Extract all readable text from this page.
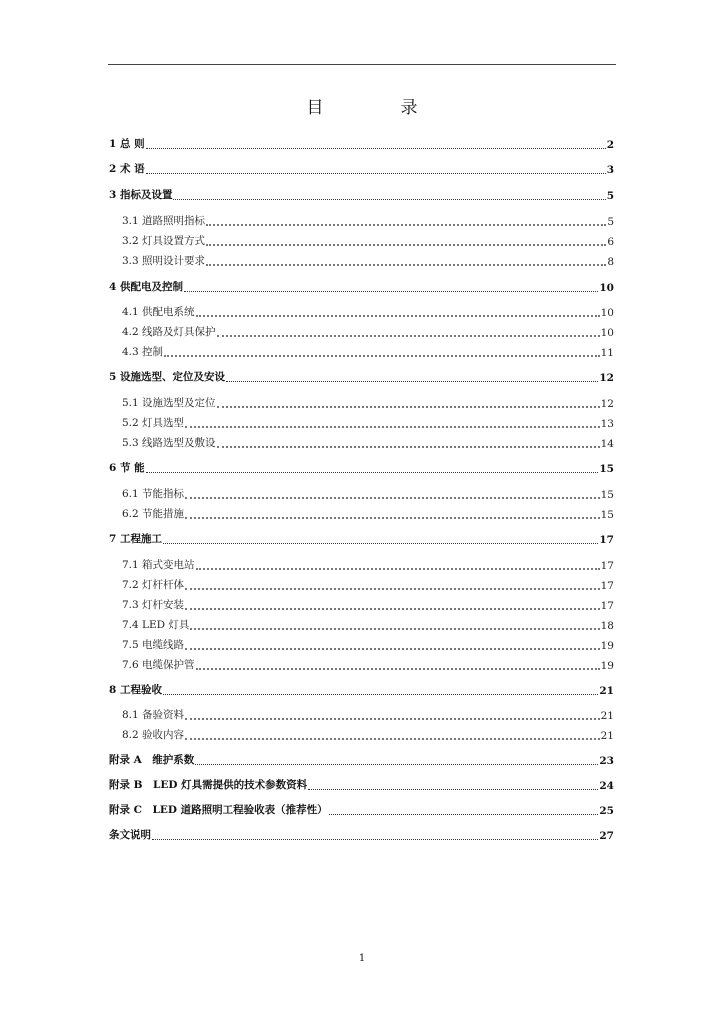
目　录
1 总 则	2
2 术 语	3
3 指标及设置	5
3.1 道路照明指标	5
3.2 灯具设置方式	6
3.3 照明设计要求	8
4 供配电及控制	10
4.1 供配电系统	10
4.2 线路及灯具保护	10
4.3 控制	11
5 设施选型、定位及安设	12
5.1 设施选型及定位	12
5.2 灯具选型	13
5.3 线路选型及敷设	14
6 节 能	15
6.1 节能指标	15
6.2 节能措施	15
7 工程施工	17
7.1 箱式变电站	17
7.2 灯杆杆体	17
7.3 灯杆安装	17
7.4 LED 灯具	18
7.5 电缆线路	19
7.6 电缆保护管	19
8 工程验收	21
8.1 备验资料	21
8.2 验收内容	21
附录 A　维护系数	23
附录 B　LED 灯具需提供的技术参数资料	24
附录 C　LED 道路照明工程验收表（推荐性）	25
条文说明	27
1
